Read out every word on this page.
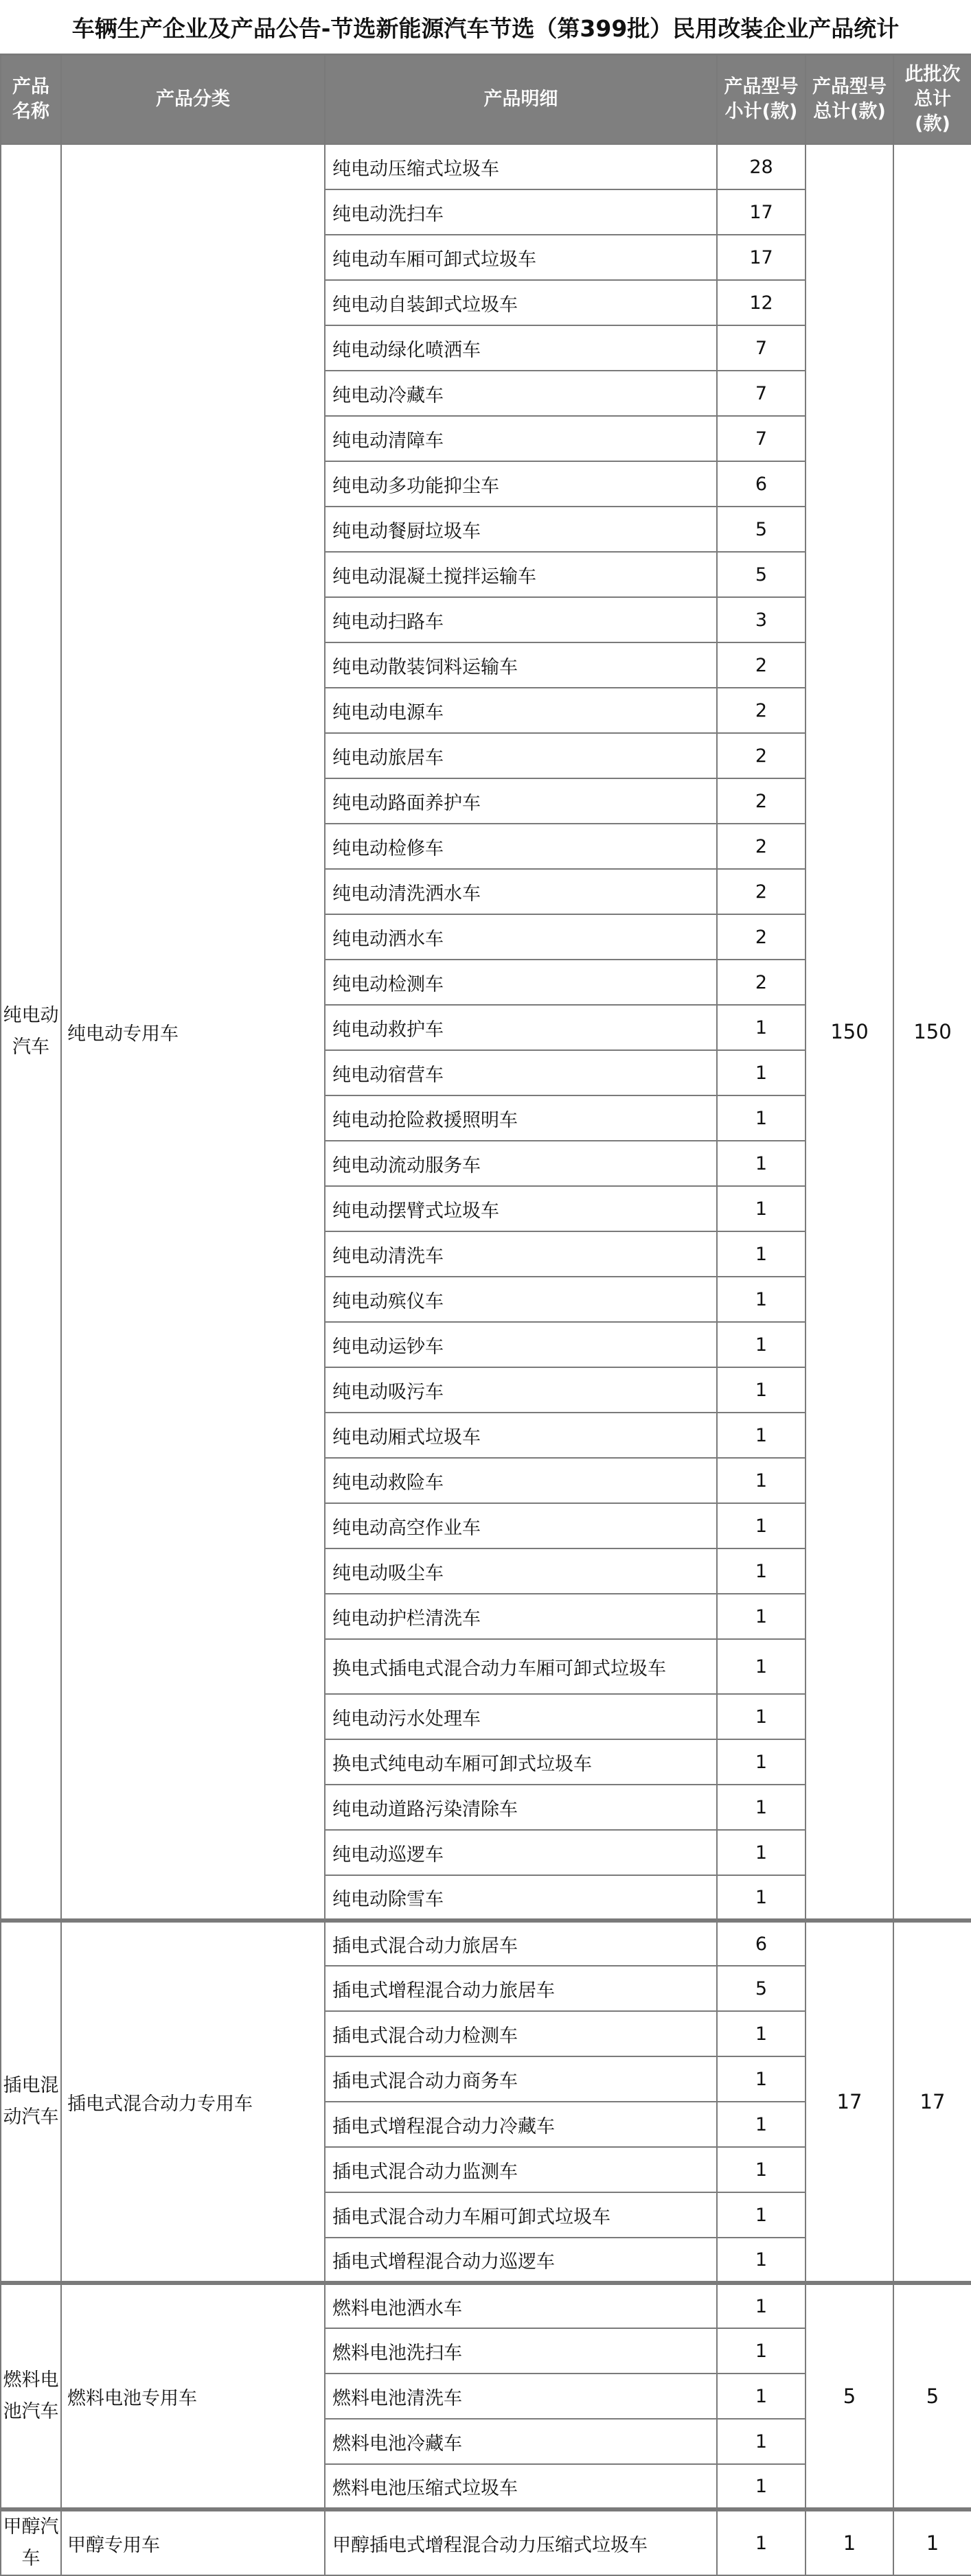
车辆生产企业及产品公告-节选新能源汽车节选（第399批）民用改装企业产品统计
产品名称	产品分类	产品明细	产品型号小计(款)	产品型号总计(款)	此批次总计(款)
纯电动汽车	纯电动专用车	纯电动压缩式垃圾车	28	150	150
		纯电动洗扫车	17		
		纯电动车厢可卸式垃圾车	17		
		纯电动自装卸式垃圾车	12		
		纯电动绿化喷洒车	7		
		纯电动冷藏车	7		
		纯电动清障车	7		
		纯电动多功能抑尘车	6		
		纯电动餐厨垃圾车	5		
		纯电动混凝土搅拌运输车	5		
		纯电动扫路车	3		
		纯电动散装饲料运输车	2		
		纯电动电源车	2		
		纯电动旅居车	2		
		纯电动路面养护车	2		
		纯电动检修车	2		
		纯电动清洗洒水车	2		
		纯电动洒水车	2		
		纯电动检测车	2		
		纯电动救护车	1		
		纯电动宿营车	1		
		纯电动抢险救援照明车	1		
		纯电动流动服务车	1		
		纯电动摆臂式垃圾车	1		
		纯电动清洗车	1		
		纯电动殡仪车	1		
		纯电动运钞车	1		
		纯电动吸污车	1		
		纯电动厢式垃圾车	1		
		纯电动救险车	1		
		纯电动高空作业车	1		
		纯电动吸尘车	1		
		纯电动护栏清洗车	1		
		换电式插电式混合动力车厢可卸式垃圾车	1		
		纯电动污水处理车	1		
		换电式纯电动车厢可卸式垃圾车	1		
		纯电动道路污染清除车	1		
		纯电动巡逻车	1		
		纯电动除雪车	1		
插电混动汽车	插电式混合动力专用车	插电式混合动力旅居车	6	17	17
		插电式增程混合动力旅居车	5		
		插电式混合动力检测车	1		
		插电式混合动力商务车	1		
		插电式增程混合动力冷藏车	1		
		插电式混合动力监测车	1		
		插电式混合动力车厢可卸式垃圾车	1		
		插电式增程混合动力巡逻车	1		
燃料电池汽车	燃料电池专用车	燃料电池洒水车	1	5	5
		燃料电池洗扫车	1		
		燃料电池清洗车	1		
		燃料电池冷藏车	1		
		燃料电池压缩式垃圾车	1		
甲醇汽车	甲醇专用车	甲醇插电式增程混合动力压缩式垃圾车	1	1	1
